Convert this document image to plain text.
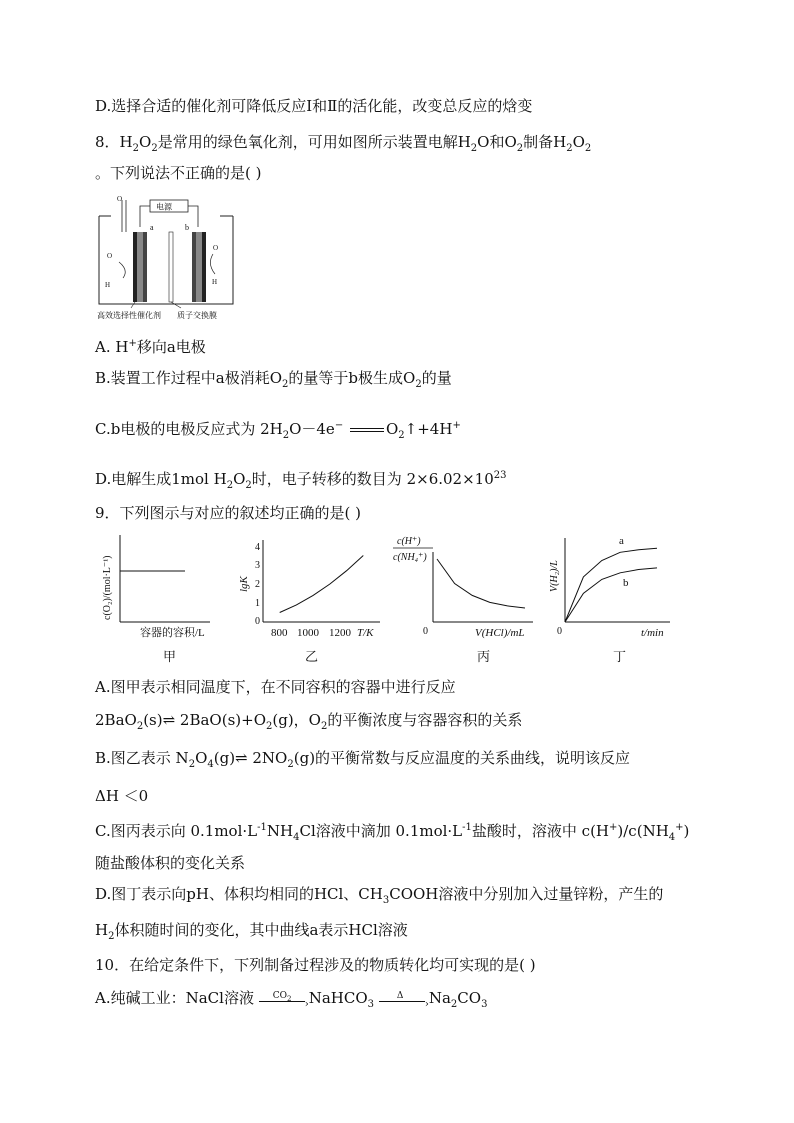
D.选择合适的催化剂可降低反应Ⅰ和Ⅱ的活化能，改变总反应的焓变
8．$H_2O_2$是常用的绿色氧化剂，可用如图所示装置电解$H_2O$和$O_2$制备$H_2O_2$
。下列说法不正确的是( )
电源
O
a	b
O
H
O
H
高效选择性催化剂 质子交换膜
A. H+移向a电极
B.装置工作过程中a极消耗$O_2$的量等于b极生成$O_2$的量
C.b电极的电极反应式为 $2H_2O-4e^-$	$O_2↑+4H^+$
D.电解生成1mol $H_2O_2$时，电子转移的数目为 $2\times 6.02\times 10^{23}$
9．下列图示与对应的叙述均正确的是( )
c(O₂)/(mol·L⁻¹)
容器的容积/L
甲
0
1
2
3
4
lgK
800 1000 1200 T/K
乙
c(H⁺)
c(NH₄⁺)
0	V(HCl)/mL
丙
0
V(H₂)/L
t/min
a
b
丁
A.图甲表示相同温度下，在不同容积的容器中进行反应
2BaO$_2$(s)⇌ $2BaO(s)+O_2(g)$，$O_2$的平衡浓度与容器容积的关系
B.图乙表示 $N_2O_4(g)\rightleftharpoons$ $2NO_2(g)$的平衡常数与反应温度的关系曲线，说明该反应
ΔH ＜0
C.图丙表示向 $0.1mol\cdot L^{-1}NH_4Cl$溶液中滴加 $0.1mol\cdot L^{-1}$盐酸时，溶液中 $c(H^+)/c(NH_4^+)$
随盐酸体积的变化关系
D.图丁表示向pH、体积均相同的HCl、$CH_3COOH$溶液中分别加入过量锌粉，产生的
$H_2$体积随时间的变化，其中曲线a表示HCl溶液
10．在给定条件下，下列制备过程涉及的物质转化均可实现的是( )
A.纯碱工业：NaCl溶液 $CO_2$
› NaHCO$_3$
Δ
› $Na_2CO_3$
